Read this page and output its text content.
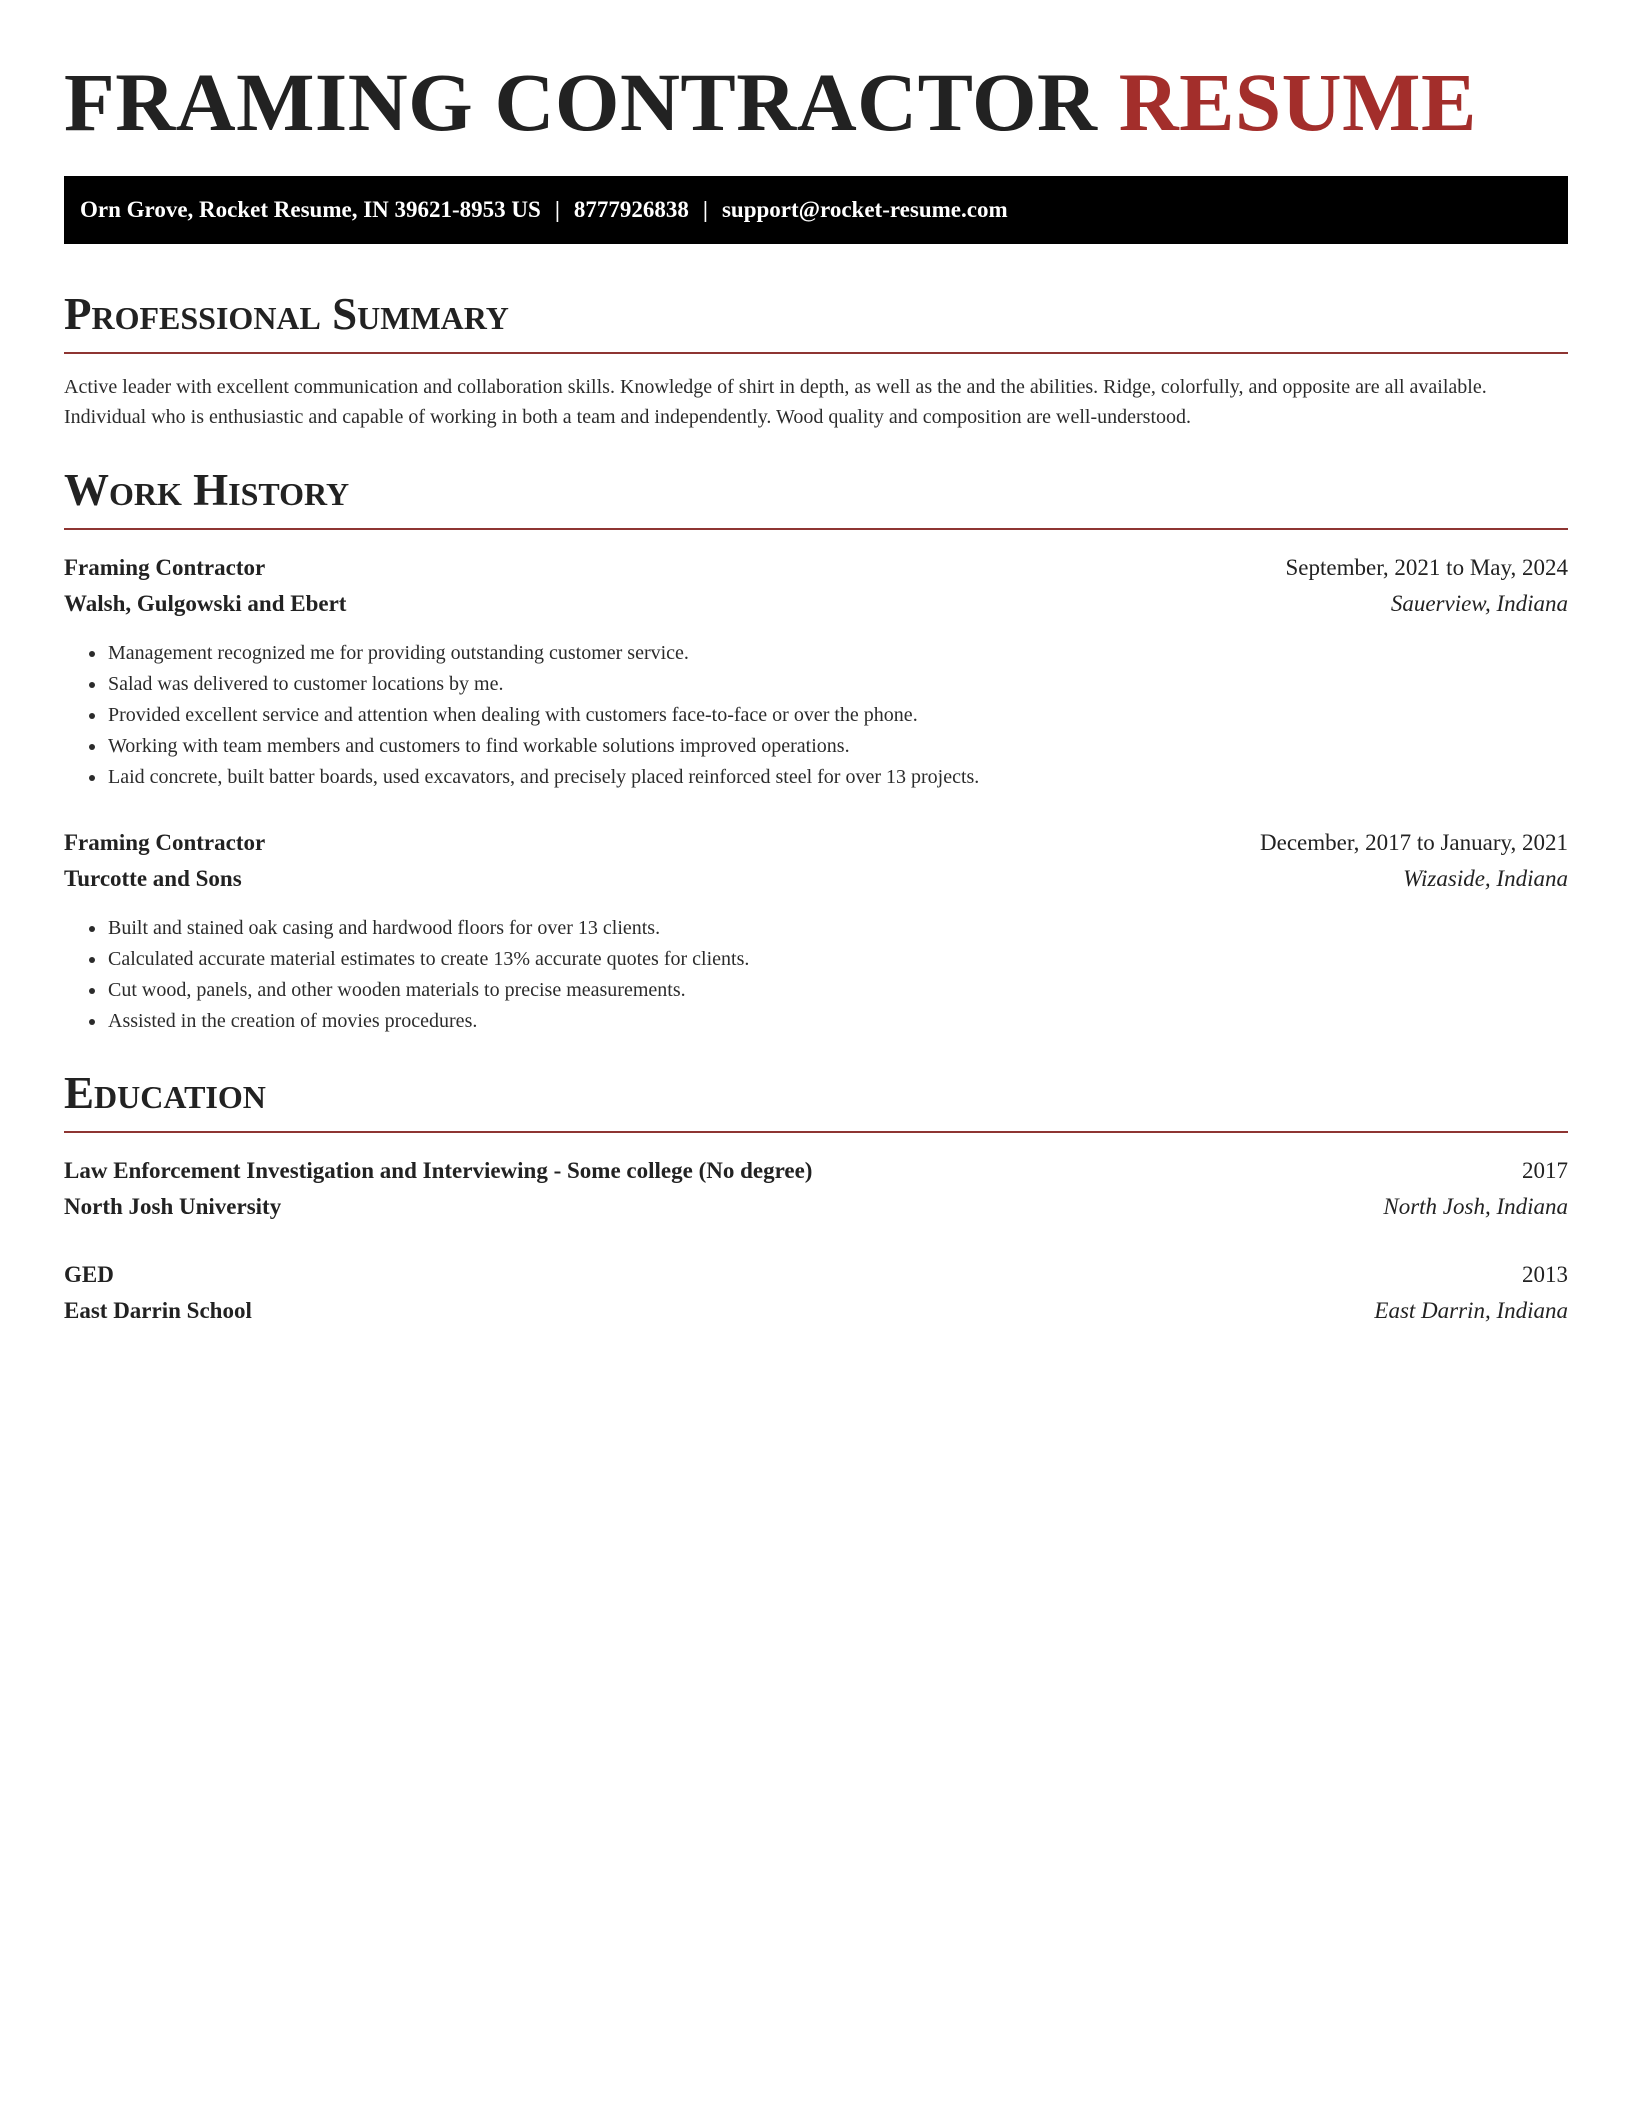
FRAMING CONTRACTOR RESUME
Orn Grove, Rocket Resume, IN 39621-8953 US | 8777926838 | support@rocket-resume.com
Professional Summary

Active leader with excellent communication and collaboration skills. Knowledge of shirt in depth, as well as the and the abilities. Ridge, colorfully, and opposite are all available. Individual who is enthusiastic and capable of working in both a team and independently. Wood quality and composition are well-understood.

Work History
Framing Contractor	September, 2021 to May, 2024
Walsh, Gulgowski and Ebert	Sauerview, Indiana
• Management recognized me for providing outstanding customer service.
• Salad was delivered to customer locations by me.
• Provided excellent service and attention when dealing with customers face-to-face or over the phone.
• Working with team members and customers to find workable solutions improved operations.
• Laid concrete, built batter boards, used excavators, and precisely placed reinforced steel for over 13 projects.
Framing Contractor	December, 2017 to January, 2021
Turcotte and Sons	Wizaside, Indiana
• Built and stained oak casing and hardwood floors for over 13 clients.
• Calculated accurate material estimates to create 13% accurate quotes for clients.
• Cut wood, panels, and other wooden materials to precise measurements.
• Assisted in the creation of movies procedures.
Education
Law Enforcement Investigation and Interviewing - Some college (No degree)	2017
North Josh University	North Josh, Indiana
GED	2013
East Darrin School	East Darrin, Indiana
